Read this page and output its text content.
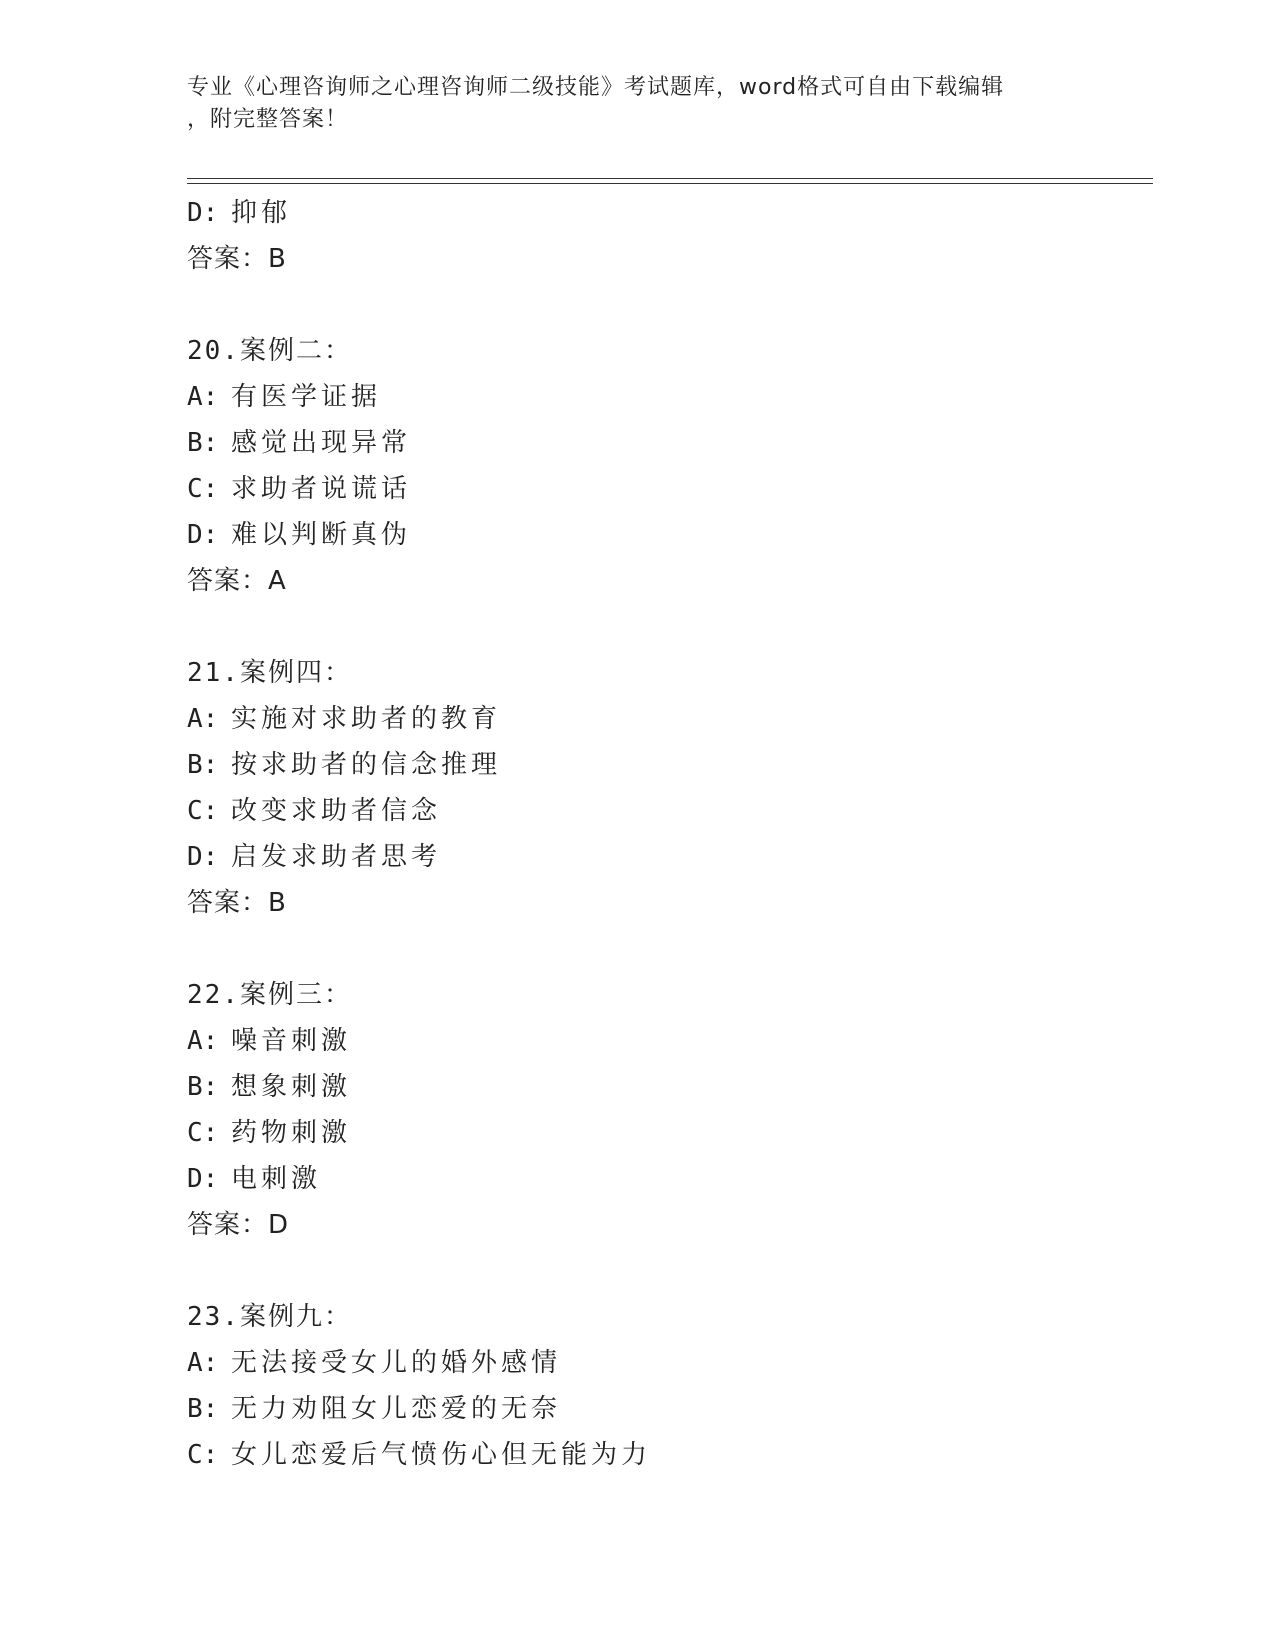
专业《心理咨询师之心理咨询师二级技能》考试题库，word格式可自由下载编辑
，附完整答案！
D: 抑郁
答案：B
20.案例二：
A: 有医学证据
B: 感觉出现异常
C: 求助者说谎话
D: 难以判断真伪
答案：A
21.案例四：
A: 实施对求助者的教育
B: 按求助者的信念推理
C: 改变求助者信念
D: 启发求助者思考
答案：B
22.案例三：
A: 噪音刺激
B: 想象刺激
C: 药物刺激
D: 电刺激
答案：D
23.案例九：
A: 无法接受女儿的婚外感情
B: 无力劝阻女儿恋爱的无奈
C: 女儿恋爱后气愤伤心但无能为力
